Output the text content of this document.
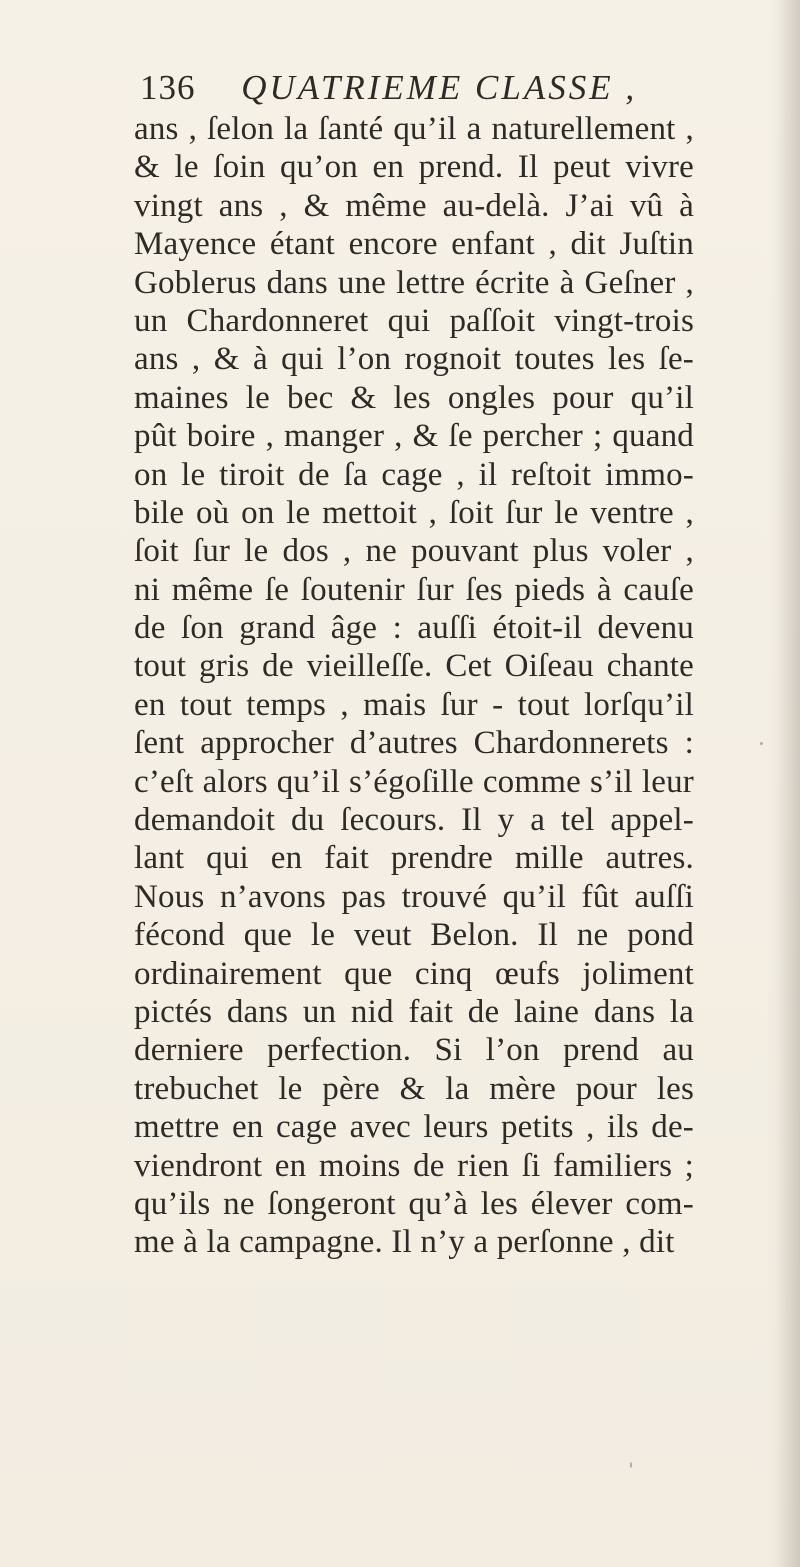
136 QUATRIEME CLASSE ,
ans , ſelon la ſanté qu’il a naturellement ,
& le ſoin qu’on en prend. Il peut vivre
vingt ans , & même au-delà. J’ai vû à
Mayence étant encore enfant , dit Juſtin
Goblerus dans une lettre écrite à Geſner ,
un Chardonneret qui paſſoit vingt-trois
ans , & à qui l’on rognoit toutes les ſe-
maines le bec & les ongles pour qu’il
pût boire , manger , & ſe percher ; quand
on le tiroit de ſa cage , il reſtoit immo-
bile où on le mettoit , ſoit ſur le ventre ,
ſoit ſur le dos , ne pouvant plus voler ,
ni même ſe ſoutenir ſur ſes pieds à cauſe
de ſon grand âge : auſſi étoit-il devenu
tout gris de vieilleſſe. Cet Oiſeau chante
en tout temps , mais ſur - tout lorſqu’il
ſent approcher d’autres Chardonnerets :
c’eſt alors qu’il s’égoſille comme s’il leur
demandoit du ſecours. Il y a tel appel-
lant qui en fait prendre mille autres.
Nous n’avons pas trouvé qu’il fût auſſi
fécond que le veut Belon. Il ne pond
ordinairement que cinq œufs joliment
pictés dans un nid fait de laine dans la
derniere perfection. Si l’on prend au
trebuchet le père & la mère pour les
mettre en cage avec leurs petits , ils de-
viendront en moins de rien ſi familiers ;
qu’ils ne ſongeront qu’à les élever com-
me à la campagne. Il n’y a perſonne , dit
